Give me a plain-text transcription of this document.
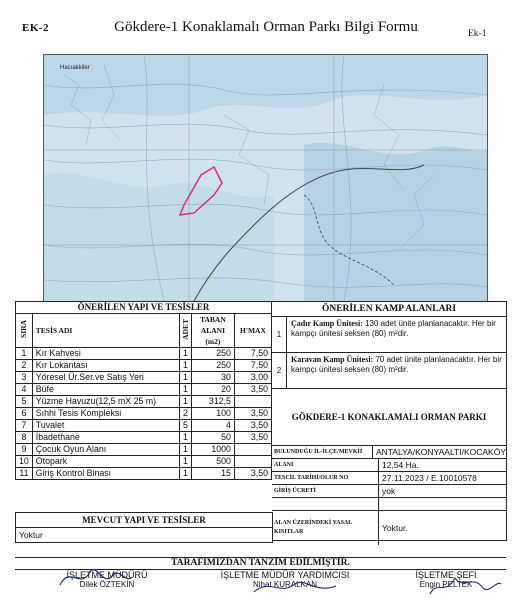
EK-2	Gökdere-1 Konaklamalı Orman Parkı Bilgi Formu	Ek-1
Hacıakkiler
ÖNERİLEN YAPI VE TESİSLER				
SIRA	TESİS ADI	ADET	TABAN ALANI (m2)	H'MAX
1	Kır Kahvesi	1	250	7,50
2	Kır Lokantası	1	250	7,50
3	Yöresel Ür.Ser.ve Satış Yeri	1	30	3,00
4	Büfe	1	20	3,50
5	Yüzme Havuzu(12,5 mX 25 m)	1	312,5	
6	Sıhhi Tesis Kompleksi	2	100	3,50
7	Tuvalet	5	4	3,50
8	İbadethane	1	50	3,50
9	Çocuk Oyun Alanı	1	1000	
10	Otopark	1	500	
11	Giriş Kontrol Binası	1	15	3,50
ÖNERİLEN KAMP ALANLARI
1
Çadır Kamp Ünitesi: 130 adet ünite planlanacaktır. Her bir kampçı ünitesi seksen (80) m²dir.
2
Karavan Kamp Ünitesi: 70 adet ünite planlanacaktır. Her bir kampçı ünitesi seksen (80) m²dir.
GÖKDERE-1 KONAKLAMALI ORMAN PARKI
BULUNDUĞU İL-İLÇE/MEVKİİ	ANTALYA/KONYAALTI/KOCAKÖY
ALANI	12,54 Ha.
TESCİL TARİHİ/OLUR NO	27.11.2023 / E.10010578
GİRİŞ ÜCRETİ	yok
ALAN ÜZERİNDEKİ YASAL KISITLAR	Yoktur.
MEVCUT YAPI VE TESİSLER
Yoktur
TARAFIMIZDAN TANZİM EDİLMİŞTİR.
İŞLETME MÜDÜRÜ
Dilek ÖZTEKİN
İŞLETME MÜDÜR YARDIMCISI
Nihat KURALKAN
İŞLETME ŞEFİ
Engin PELTEK
